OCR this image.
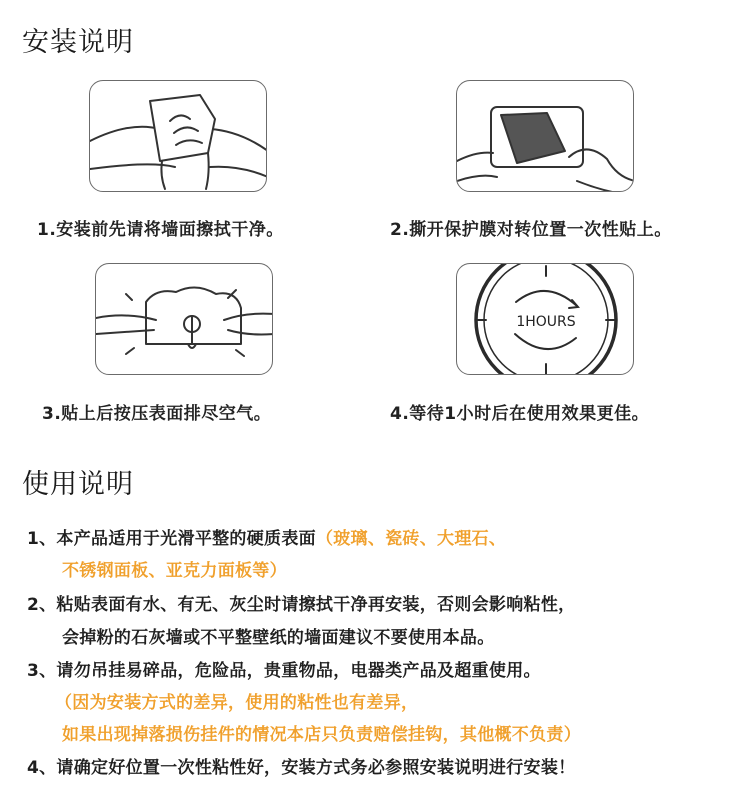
安装说明
1HOURS
1.安装前先请将墙面擦拭干净。	2.撕开保护膜对转位置一次性贴上。
3.贴上后按压表面排尽空气。	4.等待1小时后在使用效果更佳。
使用说明
1、本产品适用于光滑平整的硬质表面（玻璃、瓷砖、大理石、
不锈钢面板、亚克力面板等）
2、粘贴表面有水、有无、灰尘时请擦拭干净再安装，否则会影响粘性，
会掉粉的石灰墙或不平整壁纸的墙面建议不要使用本品。
3、请勿吊挂易碎品，危险品，贵重物品，电器类产品及超重使用。
（因为安装方式的差异，使用的粘性也有差异，
如果出现掉落损伤挂件的情况本店只负责赔偿挂钩，其他概不负责）
4、请确定好位置一次性粘性好，安装方式务必参照安装说明进行安装！
